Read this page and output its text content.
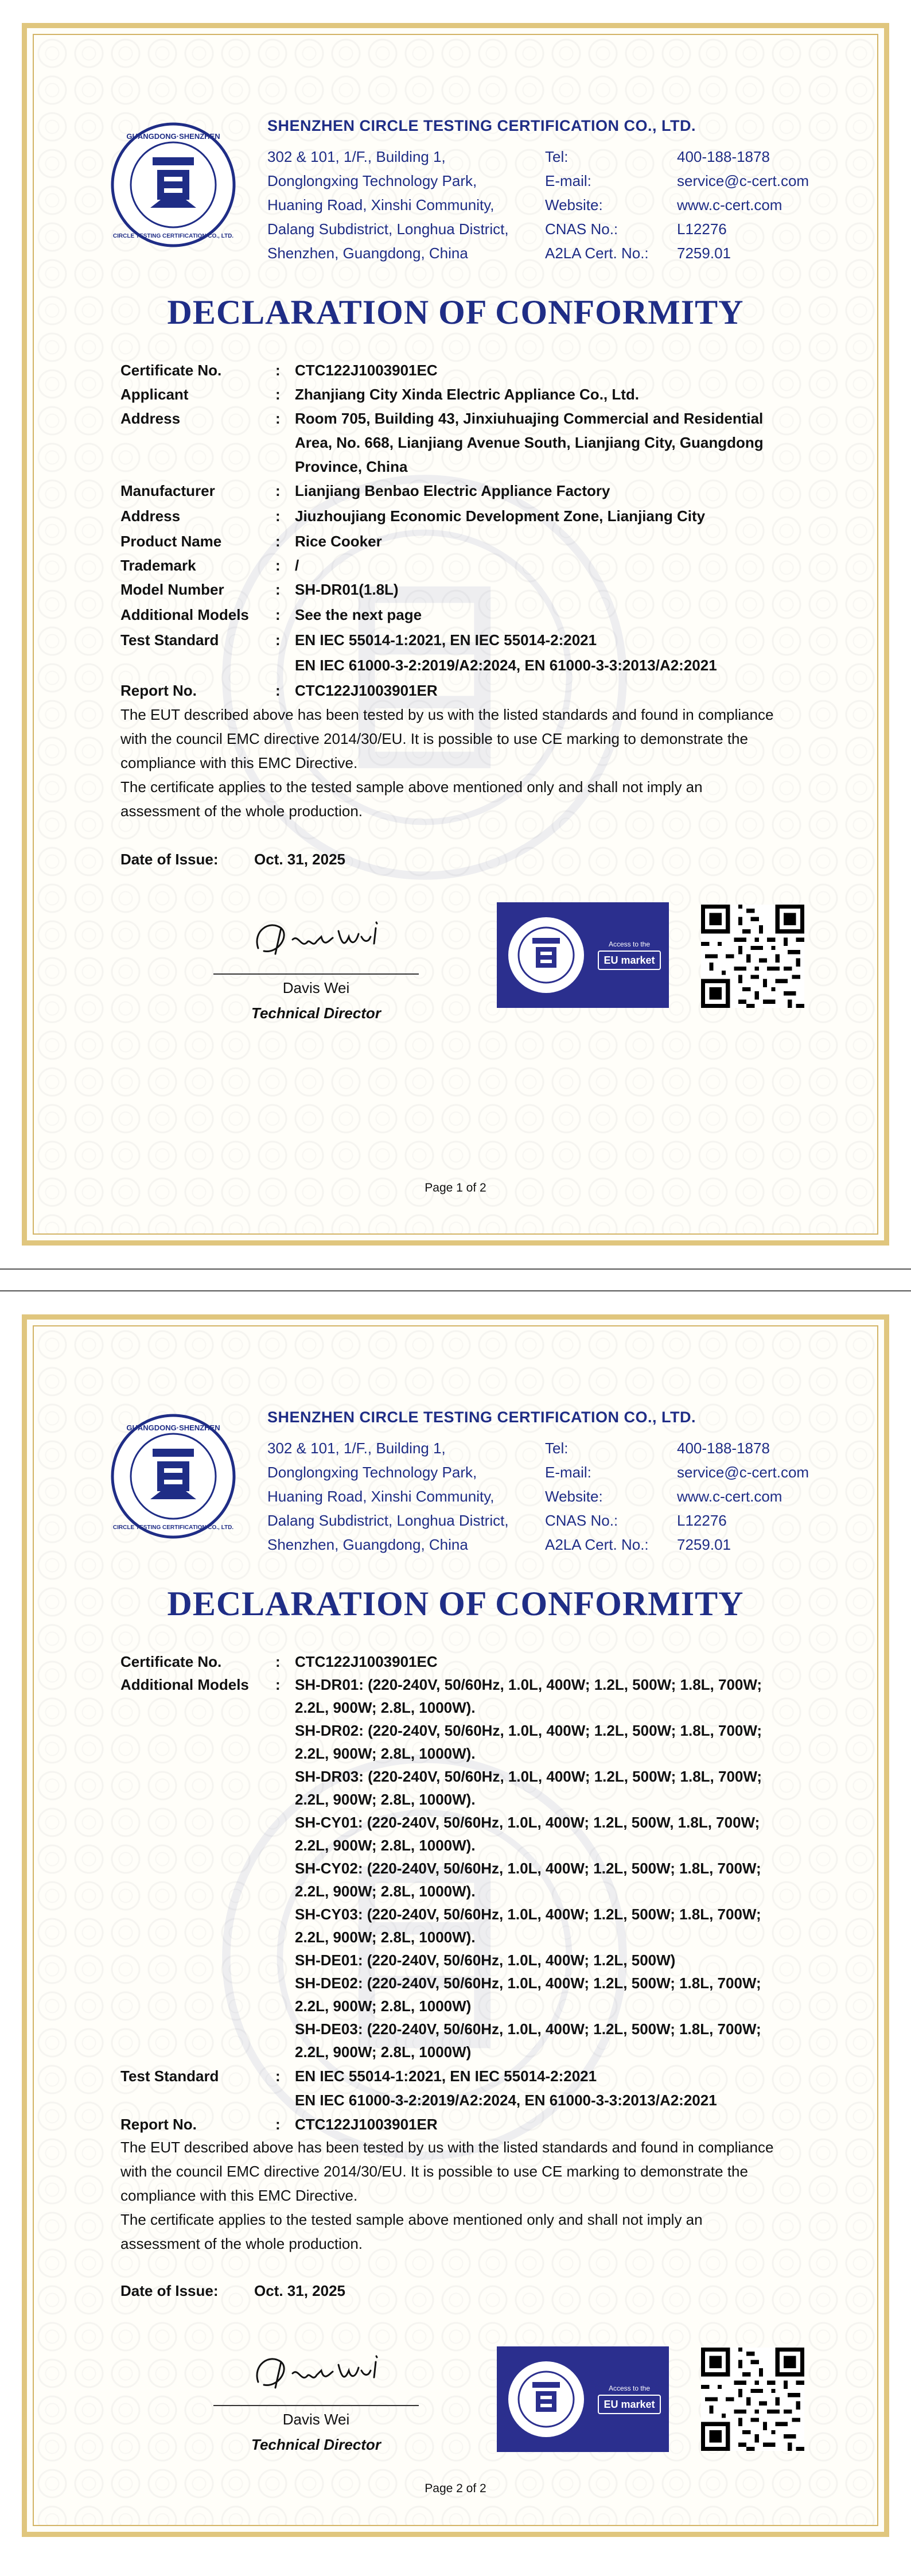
GUANGDONG·SHENZHEN
CIRCLE TESTING CERTIFICATION CO., LTD.
SHENZHEN CIRCLE TESTING CERTIFICATION CO., LTD.
302 & 101, 1/F., Building 1,
Donglongxing Technology Park,
Huaning Road, Xinshi Community,
Dalang Subdistrict, Longhua District,
Shenzhen, Guangdong, China
Tel:	400-188-1878
E-mail:	service@c-cert.com
Website:	www.c-cert.com
CNAS No.:	L12276
A2LA Cert. No.: 7259.01
DECLARATION OF CONFORMITY
Certificate No.	: CTC122J1003901EC
Applicant	: Zhanjiang City Xinda Electric Appliance Co., Ltd.
Address	: Room 705, Building 43, Jinxiuhuajing Commercial and Residential
Area, No. 668, Lianjiang Avenue South, Lianjiang City, Guangdong
Province, China
Manufacturer	: Lianjiang Benbao Electric Appliance Factory
Address	: Jiuzhoujiang Economic Development Zone, Lianjiang City
Product Name	: Rice Cooker
Trademark	: /
Model Number	: SH-DR01(1.8L)
Additional Models : See the next page
Test Standard	: EN IEC 55014-1:2021, EN IEC 55014-2:2021
EN IEC 61000-3-2:2019/A2:2024, EN 61000-3-3:2013/A2:2021
Report No.	: CTC122J1003901ER
The EUT described above has been tested by us with the listed standards and found in compliance
with the council EMC directive 2014/30/EU. It is possible to use CE marking to demonstrate the
compliance with this EMC Directive.
The certificate applies to the tested sample above mentioned only and shall not imply an
assessment of the whole production.
Date of Issue: Oct. 31, 2025
Davis Wei
Technical Director
Access to the
EU market
Page 1 of 2
GUANGDONG·SHENZHEN
CIRCLE TESTING CERTIFICATION CO., LTD.
SHENZHEN CIRCLE TESTING CERTIFICATION CO., LTD.
302 & 101, 1/F., Building 1,
Donglongxing Technology Park,
Huaning Road, Xinshi Community,
Dalang Subdistrict, Longhua District,
Shenzhen, Guangdong, China
Tel:	400-188-1878
E-mail:	service@c-cert.com
Website:	www.c-cert.com
CNAS No.:	L12276
A2LA Cert. No.: 7259.01
DECLARATION OF CONFORMITY
Certificate No.	: CTC122J1003901EC
Additional Models : SH-DR01: (220-240V, 50/60Hz, 1.0L, 400W; 1.2L, 500W; 1.8L, 700W;
2.2L, 900W; 2.8L, 1000W).
SH-DR02: (220-240V, 50/60Hz, 1.0L, 400W; 1.2L, 500W; 1.8L, 700W;
2.2L, 900W; 2.8L, 1000W).
SH-DR03: (220-240V, 50/60Hz, 1.0L, 400W; 1.2L, 500W; 1.8L, 700W;
2.2L, 900W; 2.8L, 1000W).
SH-CY01: (220-240V, 50/60Hz, 1.0L, 400W; 1.2L, 500W, 1.8L, 700W;
2.2L, 900W; 2.8L, 1000W).
SH-CY02: (220-240V, 50/60Hz, 1.0L, 400W; 1.2L, 500W; 1.8L, 700W;
2.2L, 900W; 2.8L, 1000W).
SH-CY03: (220-240V, 50/60Hz, 1.0L, 400W; 1.2L, 500W; 1.8L, 700W;
2.2L, 900W; 2.8L, 1000W).
SH-DE01: (220-240V, 50/60Hz, 1.0L, 400W; 1.2L, 500W)
SH-DE02: (220-240V, 50/60Hz, 1.0L, 400W; 1.2L, 500W; 1.8L, 700W;
2.2L, 900W; 2.8L, 1000W)
SH-DE03: (220-240V, 50/60Hz, 1.0L, 400W; 1.2L, 500W; 1.8L, 700W;
2.2L, 900W; 2.8L, 1000W)
Test Standard	: EN IEC 55014-1:2021, EN IEC 55014-2:2021
EN IEC 61000-3-2:2019/A2:2024, EN 61000-3-3:2013/A2:2021
Report No.	: CTC122J1003901ER
The EUT described above has been tested by us with the listed standards and found in compliance
with the council EMC directive 2014/30/EU. It is possible to use CE marking to demonstrate the
compliance with this EMC Directive.
The certificate applies to the tested sample above mentioned only and shall not imply an
assessment of the whole production.
Date of Issue: Oct. 31, 2025
Davis Wei
Technical Director
Access to the
EU market
Page 2 of 2
